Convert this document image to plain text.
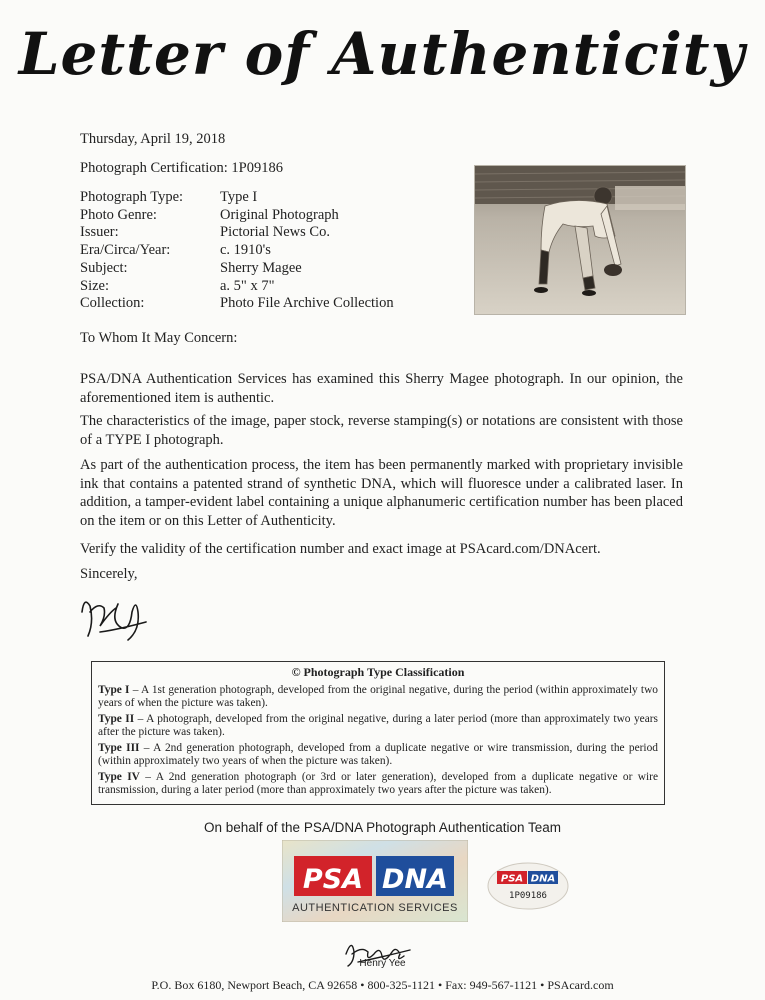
Letter of Authenticity
Thursday, April 19, 2018
Photograph Certification: 1P09186
Photograph Type:	Type I
Photo Genre:	Original Photograph
Issuer:	Pictorial News Co.
Era/Circa/Year:	c. 1910's
Subject:	Sherry Magee
Size:	a. 5" x 7"
Collection:	Photo File Archive Collection
To Whom It May Concern:
PSA/DNA Authentication Services has examined this Sherry Magee photograph. In our opinion, the aforementioned item is authentic.
The characteristics of the image, paper stock, reverse stamping(s) or notations are consistent with those of a TYPE I photograph.
As part of the authentication process, the item has been permanently marked with proprietary invisible ink that contains a patented strand of synthetic DNA, which will fluoresce under a calibrated laser. In addition, a tamper-evident label containing a unique alphanumeric certification number has been placed on the item or on this Letter of Authenticity.
Verify the validity of the certification number and exact image at PSAcard.com/DNAcert.
Sincerely,
© Photograph Type Classification
Type I – A 1st generation photograph, developed from the original negative, during the period (within approximately two years of when the picture was taken).
Type II – A photograph, developed from the original negative, during a later period (more than approximately two years after the picture was taken).
Type III – A 2nd generation photograph, developed from a duplicate negative or wire transmission, during the period (within approximately two years of when the picture was taken).
Type IV – A 2nd generation photograph (or 3rd or later generation), developed from a duplicate negative or wire transmission, during a later period (more than approximately two years after the picture was taken).
On behalf of the PSA/DNA Photograph Authentication Team
PSA DNA
AUTHENTICATION SERVICES
PSA DNA
1P09186
Henry Yee
P.O. Box 6180, Newport Beach, CA 92658 • 800-325-1121 • Fax: 949-567-1121 • PSAcard.com
